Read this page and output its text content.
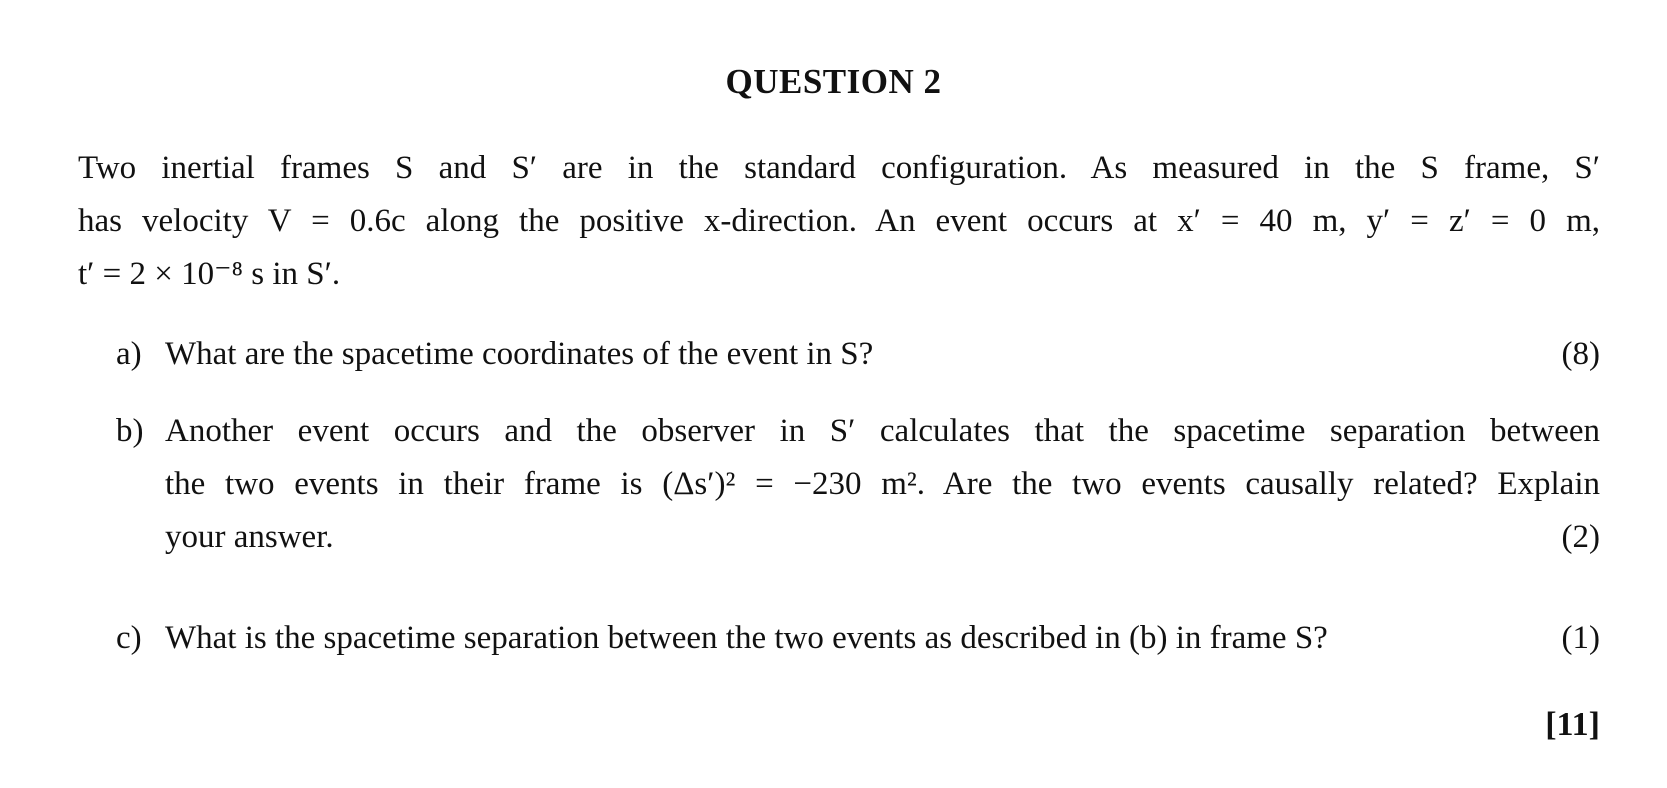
QUESTION 2
Two inertial frames S and S′ are in the standard configuration. As measured in the S frame, S′
has velocity V = 0.6c along the positive x-direction. An event occurs at x′ = 40 m, y′ = z′ = 0 m,
t′ = 2 × 10⁻⁸ s in S′.
a) What are the spacetime coordinates of the event in S?	(8)
b) Another event occurs and the observer in S′ calculates that the spacetime separation between
the two events in their frame is (Δs′)² = −230 m². Are the two events causally related? Explain
your answer.	(2)
c) What is the spacetime separation between the two events as described in (b) in frame S?	(1)
[11]
